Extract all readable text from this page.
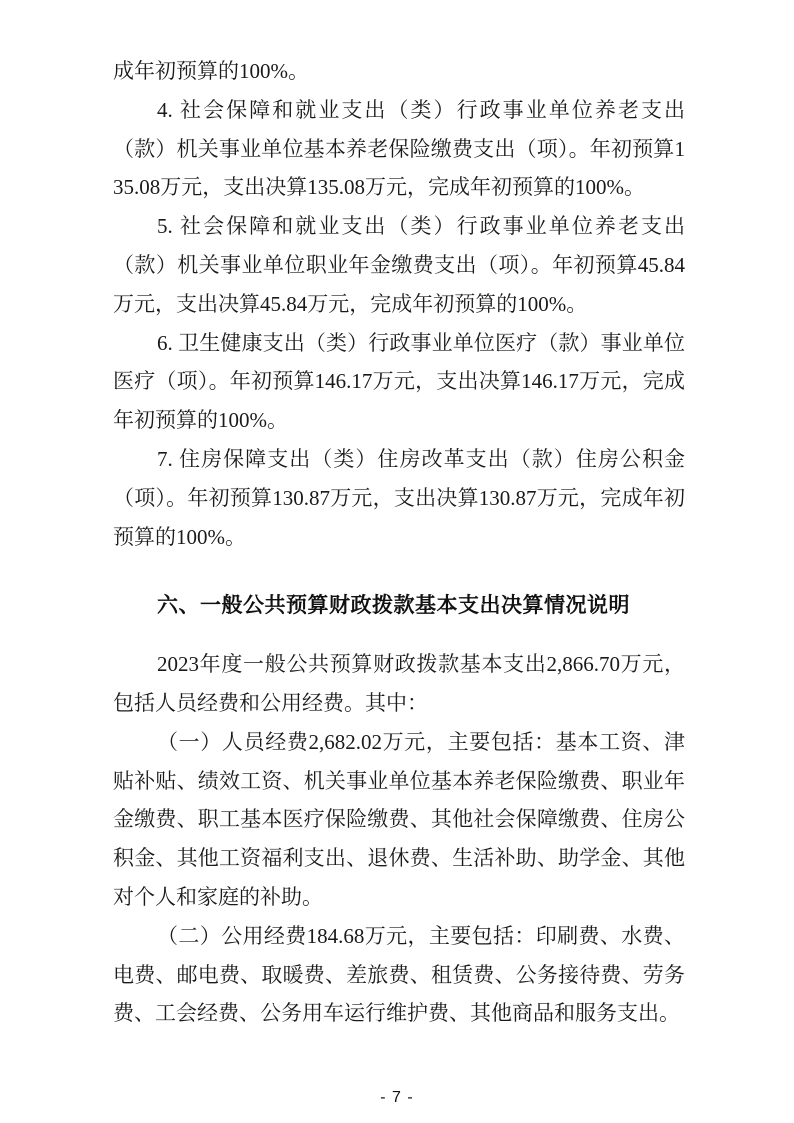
成年初预算的100%。

4. 社会保障和就业支出（类）行政事业单位养老支出（款）机关事业单位基本养老保险缴费支出（项）。年初预算135.08万元，支出决算135.08万元，完成年初预算的100%。

5. 社会保障和就业支出（类）行政事业单位养老支出（款）机关事业单位职业年金缴费支出（项）。年初预算45.84万元，支出决算45.84万元，完成年初预算的100%。

6. 卫生健康支出（类）行政事业单位医疗（款）事业单位医疗（项）。年初预算146.17万元，支出决算146.17万元，完成年初预算的100%。

7. 住房保障支出（类）住房改革支出（款）住房公积金（项）。年初预算130.87万元，支出决算130.87万元，完成年初预算的100%。

六、一般公共预算财政拨款基本支出决算情况说明

2023年度一般公共预算财政拨款基本支出2,866.70万元，包括人员经费和公用经费。其中：

（一）人员经费2,682.02万元，主要包括：基本工资、津贴补贴、绩效工资、机关事业单位基本养老保险缴费、职业年金缴费、职工基本医疗保险缴费、其他社会保障缴费、住房公积金、其他工资福利支出、退休费、生活补助、助学金、其他对个人和家庭的补助。

（二）公用经费184.68万元，主要包括：印刷费、水费、电费、邮电费、取暖费、差旅费、租赁费、公务接待费、劳务费、工会经费、公务用车运行维护费、其他商品和服务支出。

- 7 -
